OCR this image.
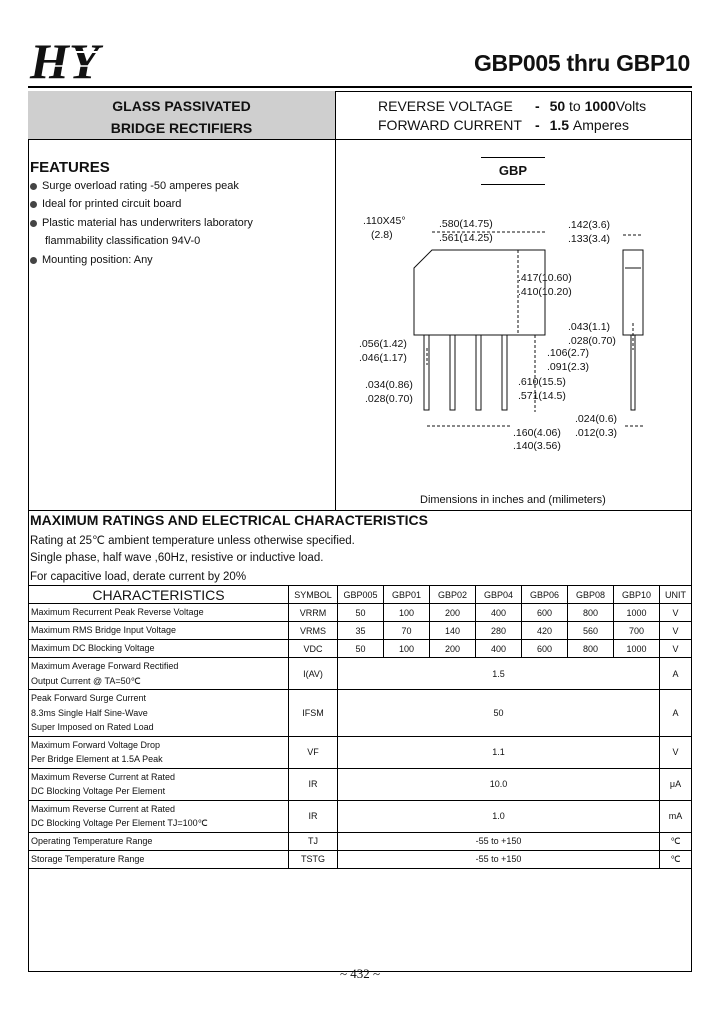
HY	GBP005 thru GBP10
GLASS PASSIVATED
BRIDGE RECTIFIERS
REVERSE VOLTAGE - 50 to 1000Volts
FORWARD CURRENT - 1.5 Amperes
FEATURES
Surge overload rating -50 amperes peak
Ideal for printed circuit board
Plastic material has underwriters laboratory
flammability classification 94V-0
Mounting position: Any
GBP
.110X45°
(2.8)
.580(14.75)
.561(14.25)
.142(3.6)
.133(3.4)
.417(10.60)
.410(10.20)
.043(1.1)
.028(0.70)
.056(1.42)
.046(1.17)	.106(2.7)
.091(2.3)
.034(0.86)
.028(0.70)
.610(15.5)
.571(14.5)
.024(0.6)
.012(0.3)
.160(4.06)
.140(3.56)
Dimensions in inches and (milimeters)
MAXIMUM RATINGS AND ELECTRICAL CHARACTERISTICS
Rating at 25℃ ambient temperature unless otherwise specified.
Single phase, half wave ,60Hz, resistive or inductive load.
For capacitive load, derate current by 20%
CHARACTERISTICS	SYMBOL	GBP005	GBP01	GBP02	GBP04	GBP06	GBP08	GBP10	UNIT
Maximum Recurrent Peak Reverse Voltage	VRRM	50	100	200	400	600	800	1000	V
Maximum RMS Bridge Input Voltage	VRMS	35	70	140	280	420	560	700	V
Maximum DC Blocking Voltage	VDC	50	100	200	400	600	800	1000	V

Maximum Average Forward Rectified
Output Current @ TA=50℃	I(AV)	1.5							A

Peak Forward Surge Current
8.3ms Single Half Sine-Wave
Super Imposed on Rated Load	IFSM	50							A

Maximum Forward Voltage Drop
Per Bridge Element at 1.5A Peak	VF	1.1							V

Maximum Reverse Current at Rated
DC Blocking Voltage Per Element	IR	10.0							μA

Maximum Reverse Current at Rated
DC Blocking Voltage Per Element TJ=100℃	IR	1.0							mA

Operating Temperature Range	TJ	-55 to +150							℃

Storage Temperature Range	TSTG	-55 to +150							℃
~ 432 ~
